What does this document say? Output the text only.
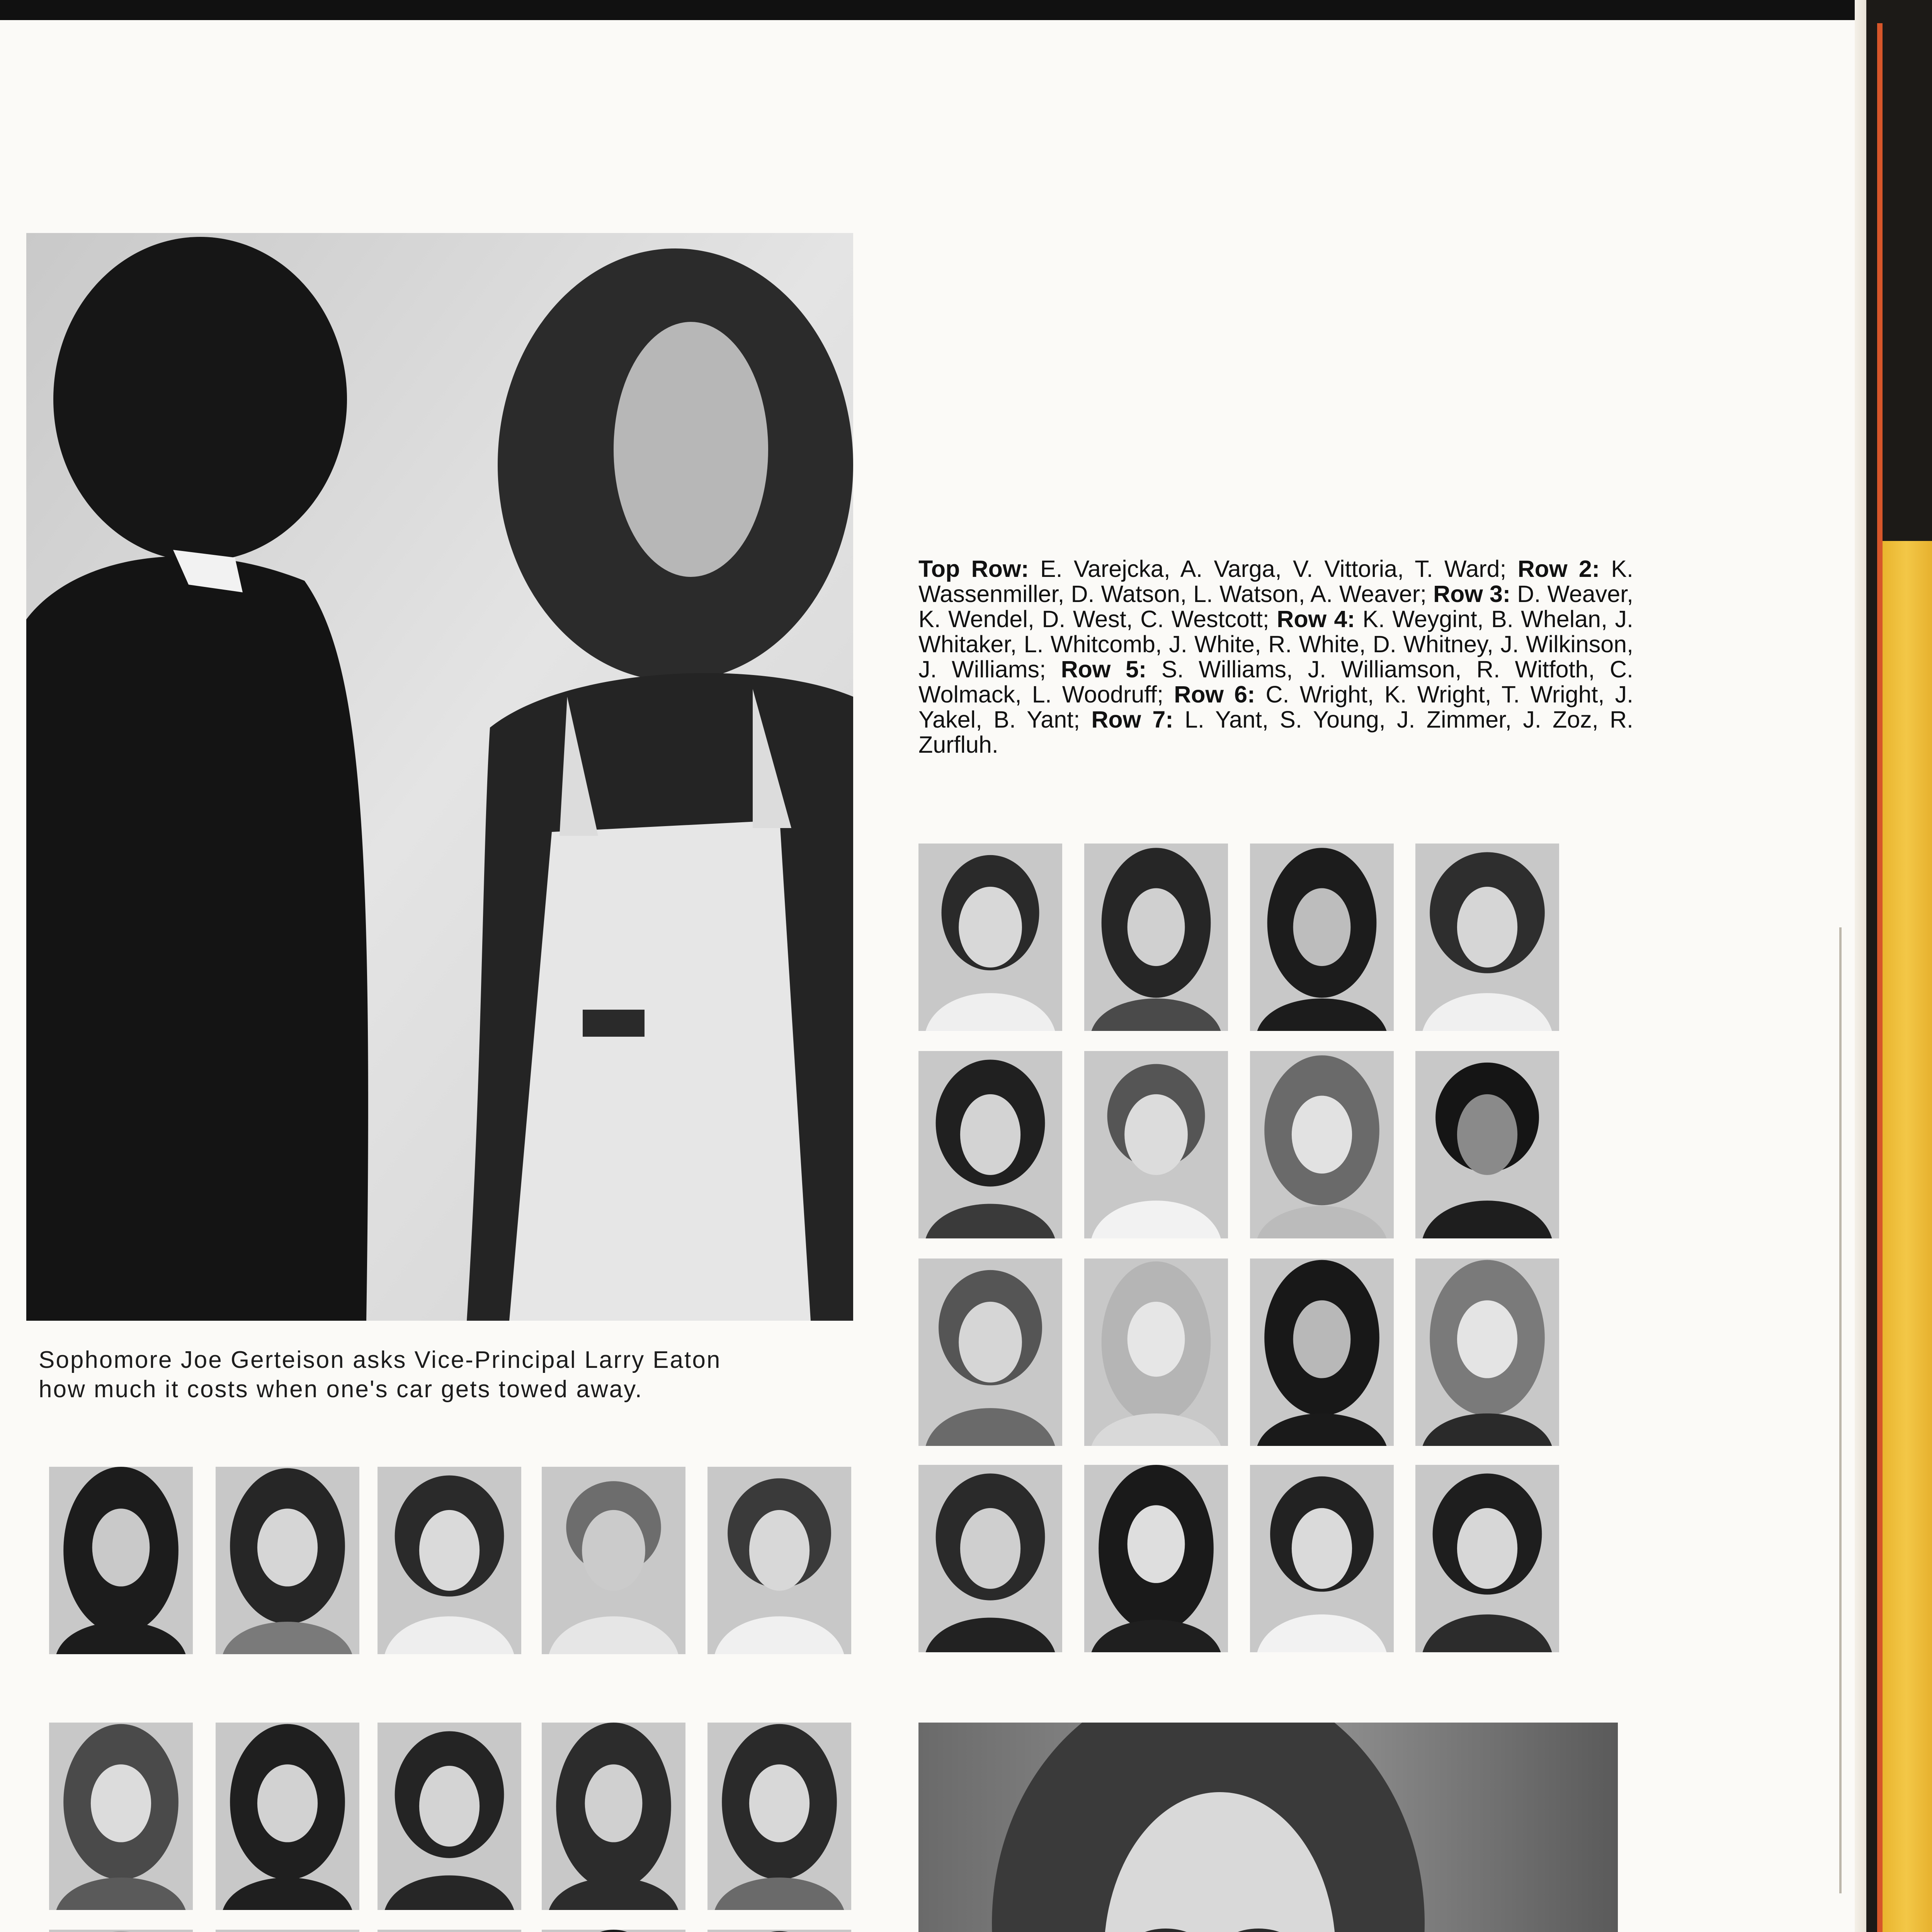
Sophomore Joe Gerteison asks Vice-Principal Larry Eaton
how much it costs when one's car gets towed away.
Top Row: E. Varejcka, A. Varga, V. Vittoria, T. Ward; Row 2: K. Wassenmiller, D. Watson, L. Watson, A. Weaver; Row 3: D. Weaver, K. Wendel, D. West, C. Westcott; Row 4: K. Weygint, B. Whelan, J. Whitaker, L. Whitcomb, J. White, R. White, D. Whitney, J. Wilkinson, J. Williams; Row 5: S. Williams, J. Williamson, R. Witfoth, C. Wolmack, L. Woodruff; Row 6: C. Wright, K. Wright, T. Wright, J. Yakel, B. Yant; Row 7: L. Yant, S. Young, J. Zimmer, J. Zoz, R. Zurfluh.
